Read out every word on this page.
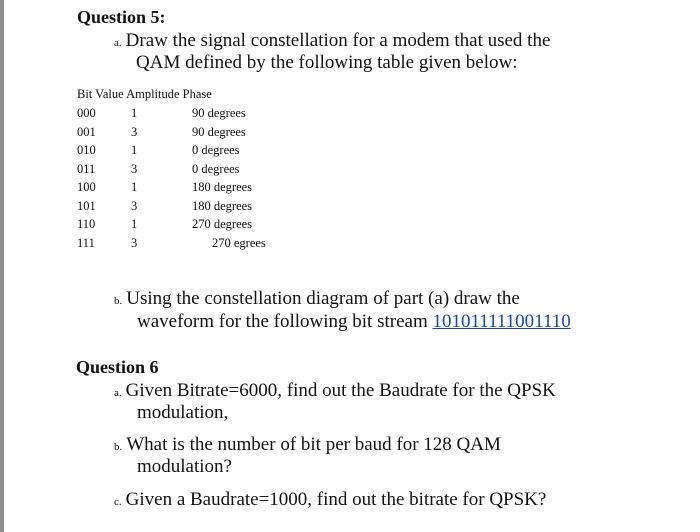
Question 5:
a. Draw the signal constellation for a modem that used the
QAM defined by the following table given below:
Bit Value Amplitude Phase
000	1	90 degrees
001	3	90 degrees
010	1	0 degrees
011	3	0 degrees
100	1	180 degrees
101	3	180 degrees
110	1	270 degrees
111	3	270 egrees
b. Using the constellation diagram of part (a) draw the
waveform for the following bit stream 101011111001110
Question 6
a. Given Bitrate=6000, find out the Baudrate for the QPSK
modulation,
b. What is the number of bit per baud for 128 QAM
modulation?
c. Given a Baudrate=1000, find out the bitrate for QPSK?
